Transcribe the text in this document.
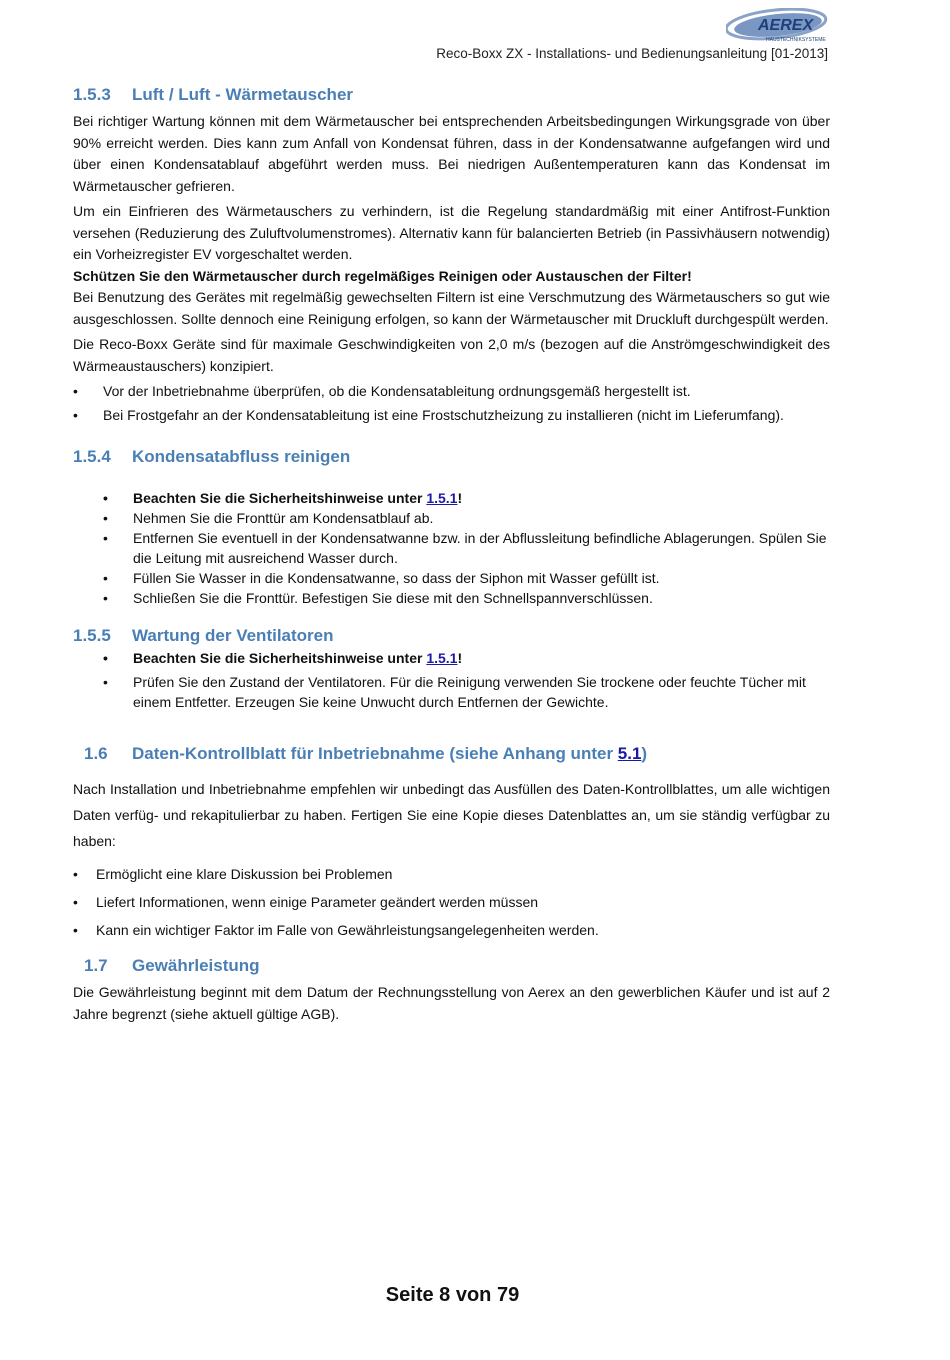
AEREX
HAUSTECHNIKSYSTEME
Reco-Boxx ZX - Installations- und Bedienungsanleitung [01-2013]
1.5.3	Luft / Luft - Wärmetauscher

Bei richtiger Wartung können mit dem Wärmetauscher bei entsprechenden Arbeitsbedingungen Wirkungsgrade von über 90% erreicht werden. Dies kann zum Anfall von Kondensat führen, dass in der Kondensatwanne aufgefangen wird und über einen Kondensatablauf abgeführt werden muss. Bei niedrigen Außentemperaturen kann das Kondensat im Wärmetauscher gefrieren.

Um ein Einfrieren des Wärmetauschers zu verhindern, ist die Regelung standardmäßig mit einer Antifrost-Funktion versehen (Reduzierung des Zuluftvolumenstromes). Alternativ kann für balancierten Betrieb (in Passivhäusern notwendig) ein Vorheizregister EV vorgeschaltet werden.

Schützen Sie den Wärmetauscher durch regelmäßiges Reinigen oder Austauschen der Filter!

Bei Benutzung des Gerätes mit regelmäßig gewechselten Filtern ist eine Verschmutzung des Wärmetauschers so gut wie ausgeschlossen. Sollte dennoch eine Reinigung erfolgen, so kann der Wärmetauscher mit Druckluft durchgespült werden.

Die Reco-Boxx Geräte sind für maximale Geschwindigkeiten von 2,0 m/s (bezogen auf die Anströmgeschwindigkeit des Wärmeaustauschers) konzipiert.

• Vor der Inbetriebnahme überprüfen, ob die Kondensatableitung ordnungsgemäß hergestellt ist.
• Bei Frostgefahr an der Kondensatableitung ist eine Frostschutzheizung zu installieren (nicht im Lieferumfang).
1.5.4	Kondensatabfluss reinigen
• Beachten Sie die Sicherheitshinweise unter 1.5.1!
• Nehmen Sie die Fronttür am Kondensatblauf ab.
• Entfernen Sie eventuell in der Kondensatwanne bzw. in der Abflussleitung befindliche Ablagerungen. Spülen Sie die Leitung mit ausreichend Wasser durch.
• Füllen Sie Wasser in die Kondensatwanne, so dass der Siphon mit Wasser gefüllt ist.
• Schließen Sie die Fronttür. Befestigen Sie diese mit den Schnellspannverschlüssen.
1.5.5	Wartung der Ventilatoren
• Beachten Sie die Sicherheitshinweise unter 1.5.1!
• Prüfen Sie den Zustand der Ventilatoren. Für die Reinigung verwenden Sie trockene oder feuchte Tücher mit einem Entfetter. Erzeugen Sie keine Unwucht durch Entfernen der Gewichte.
1.6	Daten-Kontrollblatt für Inbetriebnahme (siehe Anhang unter 5.1)

Nach Installation und Inbetriebnahme empfehlen wir unbedingt das Ausfüllen des Daten-Kontrollblattes, um alle wichtigen Daten verfüg- und rekapitulierbar zu haben. Fertigen Sie eine Kopie dieses Datenblattes an, um sie ständig verfügbar zu haben:

• Ermöglicht eine klare Diskussion bei Problemen
• Liefert Informationen, wenn einige Parameter geändert werden müssen
• Kann ein wichtiger Faktor im Falle von Gewährleistungsangelegenheiten werden.
1.7	Gewährleistung

Die Gewährleistung beginnt mit dem Datum der Rechnungsstellung von Aerex an den gewerblichen Käufer und ist auf 2 Jahre begrenzt (siehe aktuell gültige AGB).

Seite 8 von 79
